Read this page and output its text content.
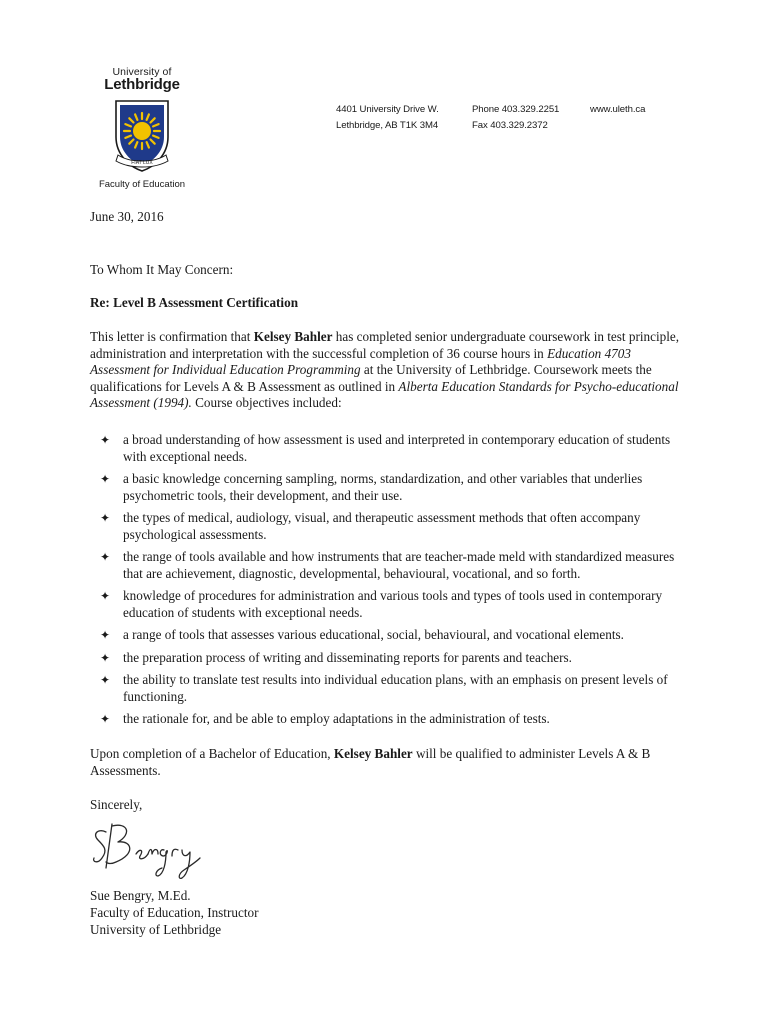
University of
Lethbridge
FIAT LUX
Faculty of Education
4401 University Drive W.
Lethbridge, AB T1K 3M4
Phone 403.329.2251
Fax 403.329.2372
www.uleth.ca
June 30, 2016
To Whom It May Concern:
Re: Level B Assessment Certification
This letter is confirmation that Kelsey Bahler has completed senior undergraduate coursework in test principle, administration and interpretation with the successful completion of 36 course hours in Education 4703 Assessment for Individual Education Programming at the University of Lethbridge. Coursework meets the qualifications for Levels A & B Assessment as outlined in Alberta Education Standards for Psycho-educational Assessment (1994). Course objectives included:
✦ a broad understanding of how assessment is used and interpreted in contemporary education of students with exceptional needs.
✦ a basic knowledge concerning sampling, norms, standardization, and other variables that underlies psychometric tools, their development, and their use.
✦ the types of medical, audiology, visual, and therapeutic assessment methods that often accompany psychological assessments.
✦ the range of tools available and how instruments that are teacher-made meld with standardized measures that are achievement, diagnostic, developmental, behavioural, vocational, and so forth.
✦ knowledge of procedures for administration and various tools and types of tools used in contemporary education of students with exceptional needs.
✦ a range of tools that assesses various educational, social, behavioural, and vocational elements.
✦ the preparation process of writing and disseminating reports for parents and teachers.
✦ the ability to translate test results into individual education plans, with an emphasis on present levels of functioning.
✦ the rationale for, and be able to employ adaptations in the administration of tests.
Upon completion of a Bachelor of Education, Kelsey Bahler will be qualified to administer Levels A & B Assessments.
Sincerely,
Sue Bengry, M.Ed.
Faculty of Education, Instructor
University of Lethbridge
